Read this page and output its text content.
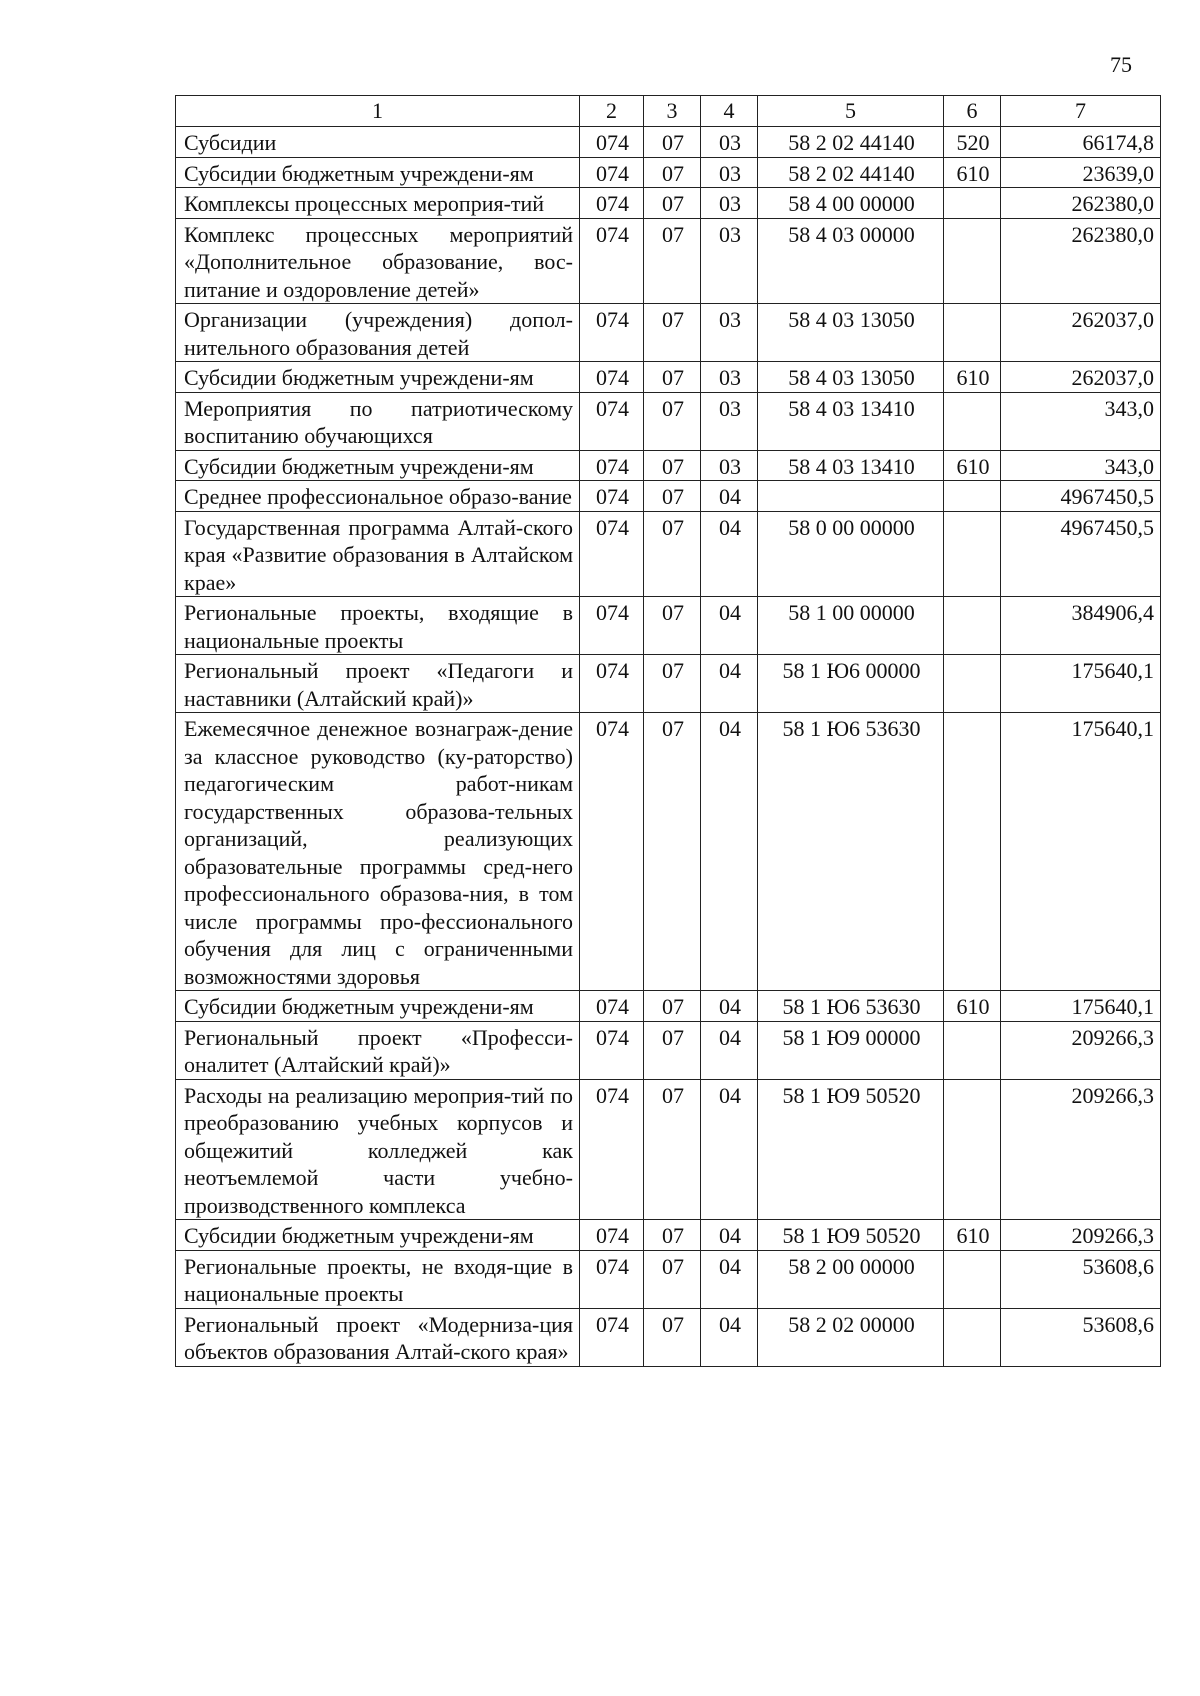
75
1	2	3	4	5	6	7
Субсидии	074	07	03	58 2 02 44140	520	66174,8
Субсидии бюджетным учреждени-ям	074	07	03	58 2 02 44140	610	23639,0
Комплексы процессных мероприя-тий	074	07	03	58 4 00 00000		262380,0
Комплекс процессных мероприятий «Дополнительное образование, вос-питание и оздоровление детей»	074	07	03	58 4 03 00000		262380,0
Организации (учреждения) допол-нительного образования детей	074	07	03	58 4 03 13050		262037,0
Субсидии бюджетным учреждени-ям	074	07	03	58 4 03 13050	610	262037,0
Мероприятия по патриотическому воспитанию обучающихся	074	07	03	58 4 03 13410		343,0
Субсидии бюджетным учреждени-ям	074	07	03	58 4 03 13410	610	343,0
Среднее профессиональное образо-вание	074	07	04			4967450,5
Государственная программа Алтай-ского края «Развитие образования в Алтайском крае»	074	07	04	58 0 00 00000		4967450,5
Региональные проекты, входящие в национальные проекты	074	07	04	58 1 00 00000		384906,4
Региональный проект «Педагоги и наставники (Алтайский край)»	074	07	04	58 1 Ю6 00000		175640,1
Ежемесячное денежное вознаграж-дение за классное руководство (ку-раторство) педагогическим работ-никам государственных образова-тельных организаций, реализующих образовательные программы сред-него профессионального образова-ния, в том числе программы про-фессионального обучения для лиц с ограниченными возможностями здоровья	074	07	04	58 1 Ю6 53630		175640,1
Субсидии бюджетным учреждени-ям	074	07	04	58 1 Ю6 53630	610	175640,1
Региональный проект «Професси-оналитет (Алтайский край)»	074	07	04	58 1 Ю9 00000		209266,3
Расходы на реализацию мероприя-тий по преобразованию учебных корпусов и общежитий колледжей как неотъемлемой части учебно-производственного комплекса	074	07	04	58 1 Ю9 50520		209266,3
Субсидии бюджетным учреждени-ям	074	07	04	58 1 Ю9 50520	610	209266,3
Региональные проекты, не входя-щие в национальные проекты	074	07	04	58 2 00 00000		53608,6
Региональный проект «Модерниза-ция объектов образования Алтай-ского края»	074	07	04	58 2 02 00000		53608,6
